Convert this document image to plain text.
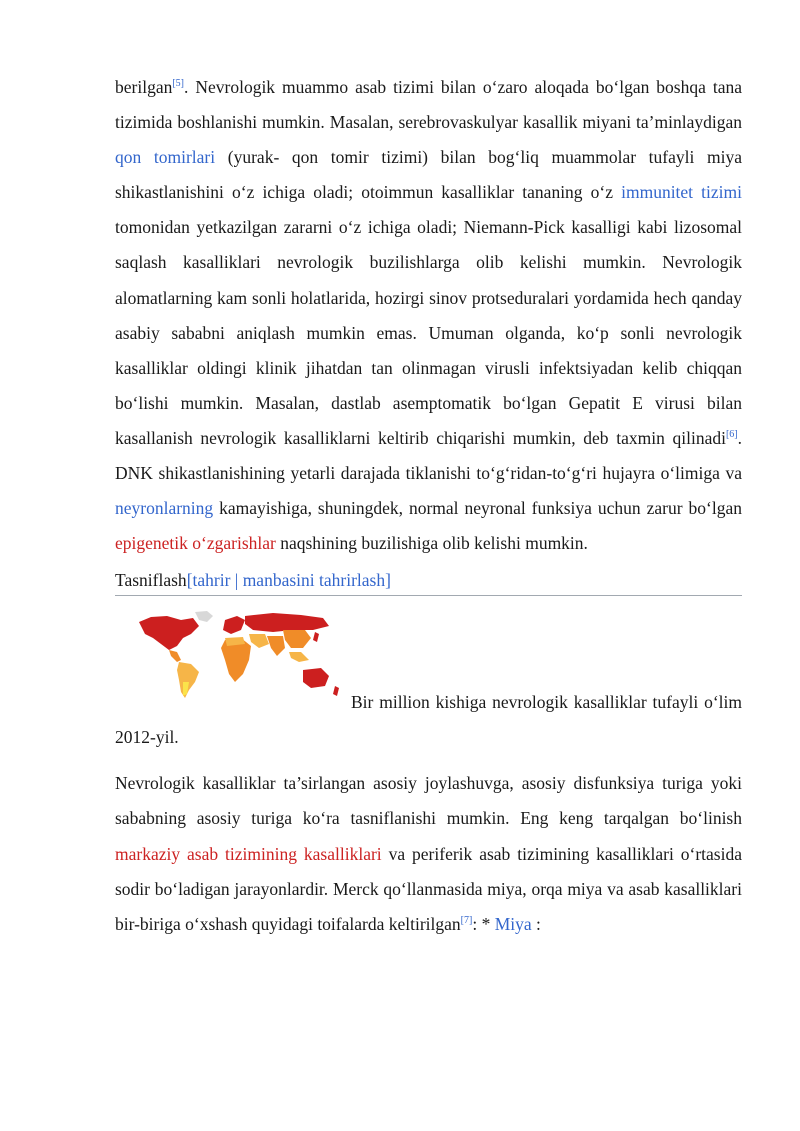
berilgan[5]. Nevrologik muammo asab tizimi bilan o‘zaro aloqada bo‘lgan boshqa tana tizimida boshlanishi mumkin. Masalan, serebrovaskulyar kasallik miyani ta’minlaydigan qon tomirlari (yurak- qon tomir tizimi) bilan bog‘liq muammolar tufayli miya shikastlanishini o‘z ichiga oladi; otoimmun kasalliklar tananing o‘z immunitet tizimi tomonidan yetkazilgan zararni o‘z ichiga oladi; Niemann-Pick kasalligi kabi lizosomal saqlash kasalliklari nevrologik buzilishlarga olib kelishi mumkin. Nevrologik alomatlarning kam sonli holatlarida, hozirgi sinov protseduralari yordamida hech qanday asabiy sababni aniqlash mumkin emas. Umuman olganda, ko‘p sonli nevrologik kasalliklar oldingi klinik jihatdan tan olinmagan virusli infektsiyadan kelib chiqqan bo‘lishi mumkin. Masalan, dastlab asemptomatik bo‘lgan Gepatit E virusi bilan kasallanish nevrologik kasalliklarni keltirib chiqarishi mumkin, deb taxmin qilinadi[6]. DNK shikastlanishining yetarli darajada tiklanishi to‘g‘ridan-to‘g‘ri hujayra o‘limiga va neyronlarning kamayishiga, shuningdek, normal neyronal funksiya uchun zarur bo‘lgan epigenetik o‘zgarishlar naqshining buzilishiga olib kelishi mumkin.

Tasniflash[tahrir | manbasini tahrirlash]

Bir million kishiga nevrologik kasalliklar tufayli o‘lim 2012-yil.

Nevrologik kasalliklar ta’sirlangan asosiy joylashuvga, asosiy disfunksiya turiga yoki sababning asosiy turiga ko‘ra tasniflanishi mumkin. Eng keng tarqalgan bo‘linish markaziy asab tizimining kasalliklari va periferik asab tizimining kasalliklari o‘rtasida sodir bo‘ladigan jarayonlardir. Merck qo‘llanmasida miya, orqa miya va asab kasalliklari bir-biriga o‘xshash quyidagi toifalarda keltirilgan[7]: * Miya :
